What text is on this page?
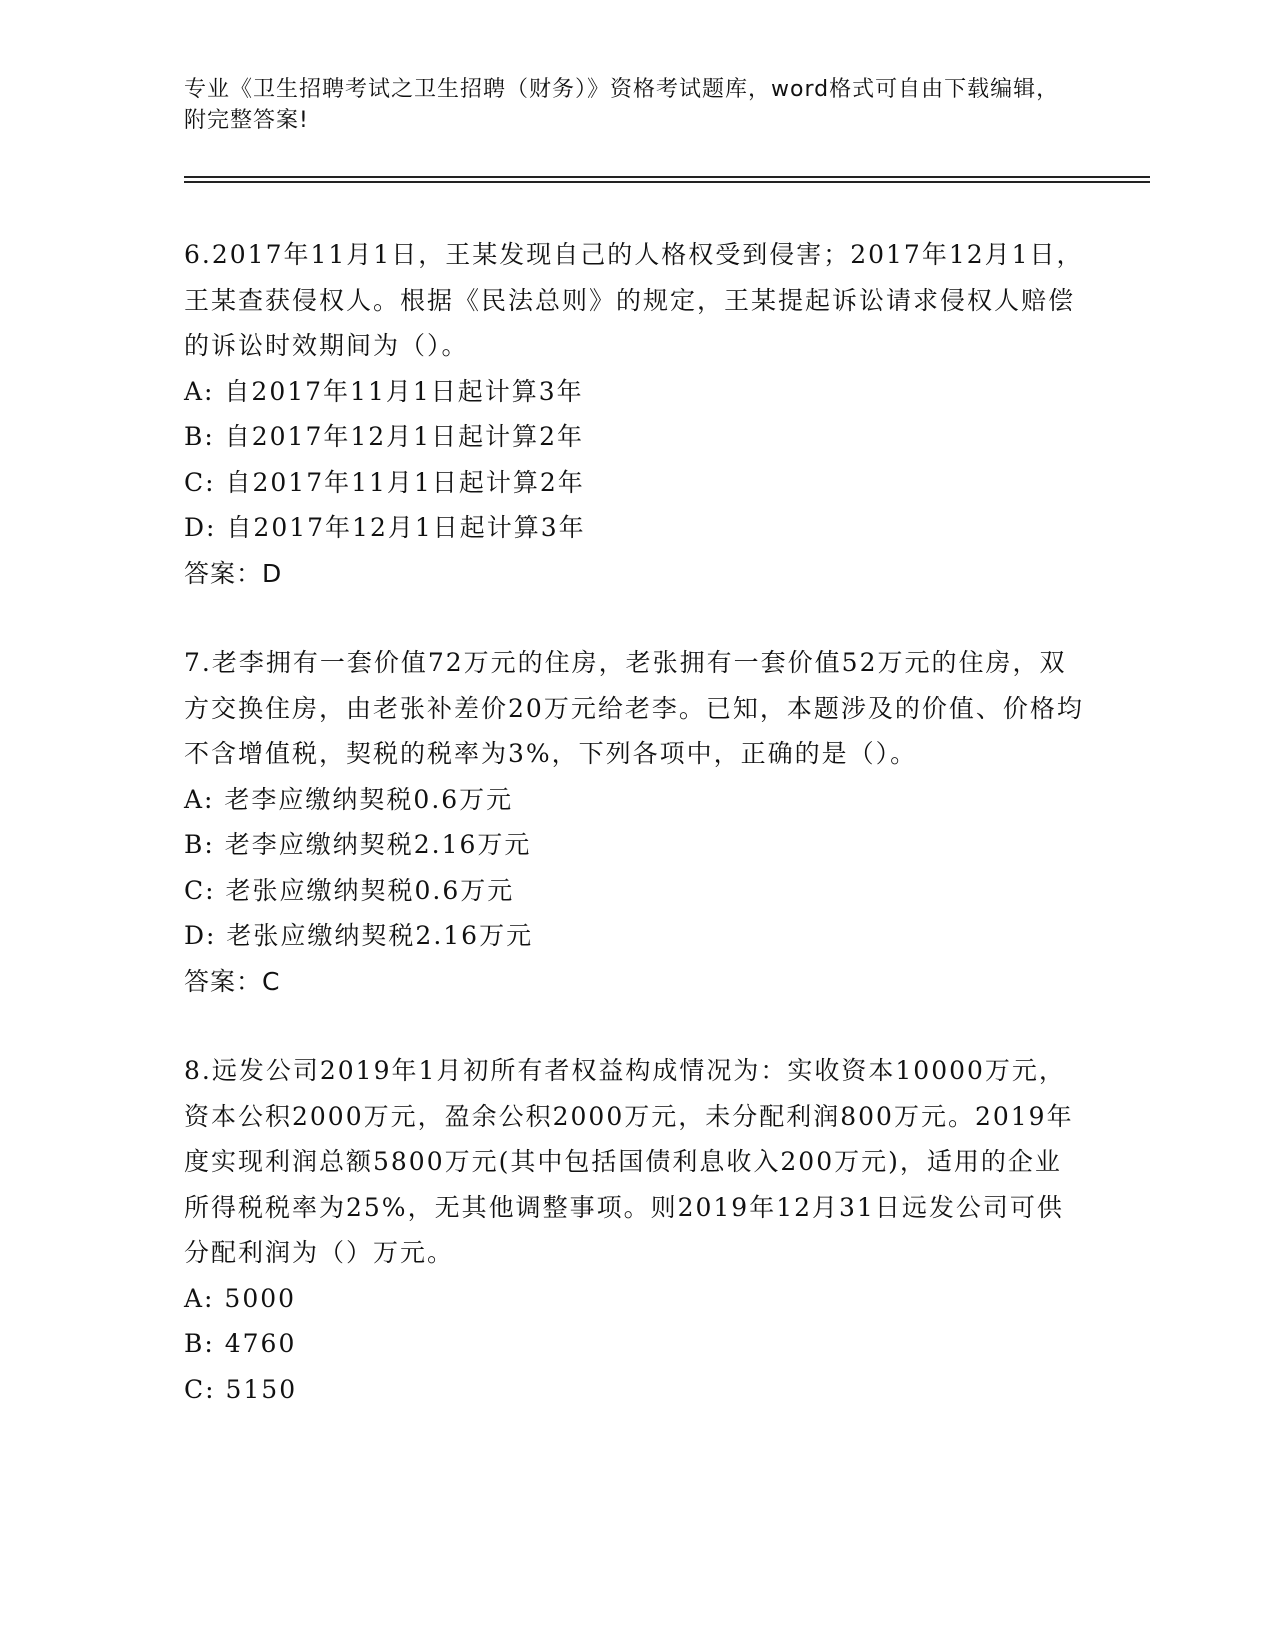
专业《卫生招聘考试之卫生招聘（财务）》资格考试题库，word格式可自由下载编辑，附完整答案!
6.2017年11月1日，王某发现自己的人格权受到侵害；2017年12月1日，王某查获侵权人。根据《民法总则》的规定，王某提起诉讼请求侵权人赔偿的诉讼时效期间为（）。
A: 自2017年11月1日起计算3年
B: 自2017年12月1日起计算2年
C: 自2017年11月1日起计算2年
D: 自2017年12月1日起计算3年
答案：D
7.老李拥有一套价值72万元的住房，老张拥有一套价值52万元的住房，双方交换住房，由老张补差价20万元给老李。已知，本题涉及的价值、价格均不含增值税，契税的税率为3%，下列各项中，正确的是（）。
A: 老李应缴纳契税0.6万元
B: 老李应缴纳契税2.16万元
C: 老张应缴纳契税0.6万元
D: 老张应缴纳契税2.16万元
答案：C
8.远发公司2019年1月初所有者权益构成情况为：实收资本10000万元，资本公积2000万元，盈余公积2000万元，未分配利润800万元。2019年度实现利润总额5800万元(其中包括国债利息收入200万元)，适用的企业所得税税率为25%，无其他调整事项。则2019年12月31日远发公司可供分配利润为（）万元。
A: 5000
B: 4760
C: 5150
